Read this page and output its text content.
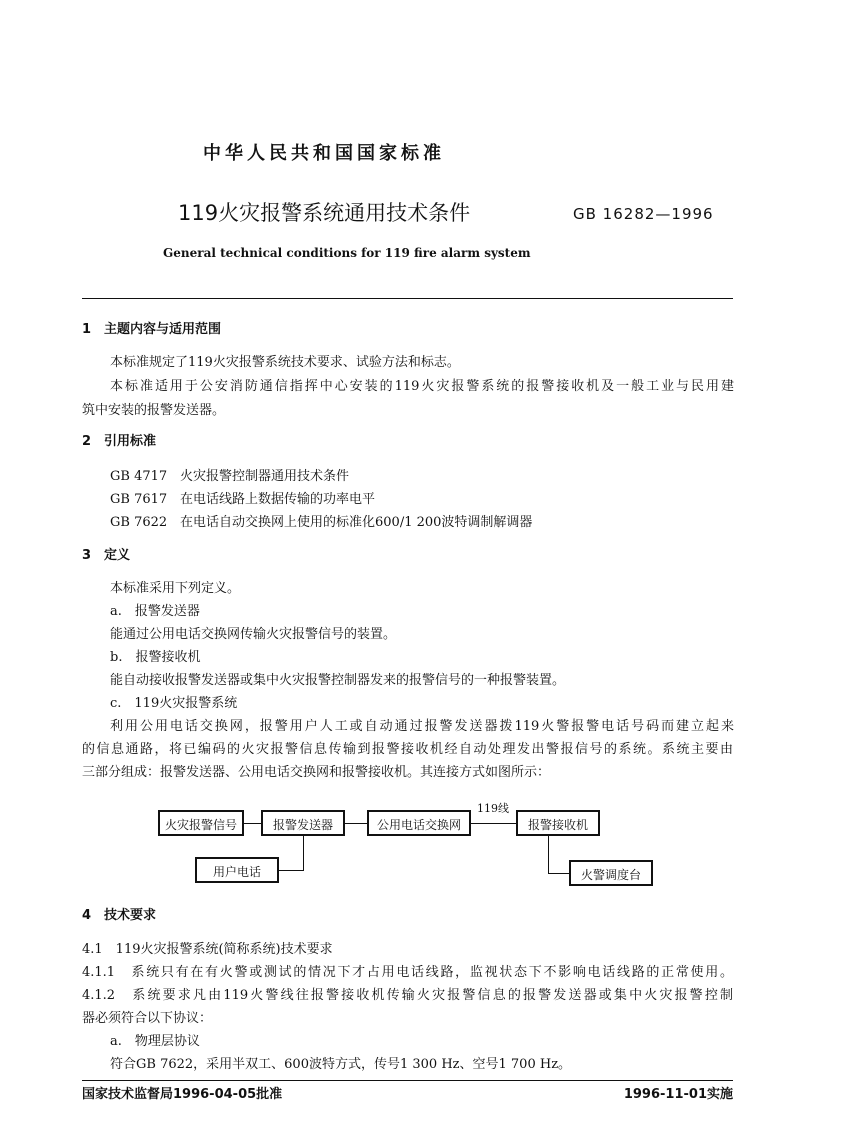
中华人民共和国国家标准
119火灾报警系统通用技术条件	GB 16282—1996
General technical conditions for 119 fire alarm system
1　主题内容与适用范围
本标准规定了119火灾报警系统技术要求、试验方法和标志。
本标准适用于公安消防通信指挥中心安装的119火灾报警系统的报警接收机及一般工业与民用建
筑中安装的报警发送器。
2　引用标准
GB 4717 火灾报警控制器通用技术条件
GB 7617 在电话线路上数据传输的功率电平
GB 7622 在电话自动交换网上使用的标准化600/1 200波特调制解调器
3　定义
本标准采用下列定义。
a.　报警发送器
能通过公用电话交换网传输火灾报警信号的装置。
b.　报警接收机
能自动接收报警发送器或集中火灾报警控制器发来的报警信号的一种报警装置。
c.　119火灾报警系统
利用公用电话交换网，报警用户人工或自动通过报警发送器拨119火警报警电话号码而建立起来
的信息通路，将已编码的火灾报警信息传输到报警接收机经自动处理发出警报信号的系统。系统主要由
三部分组成：报警发送器、公用电话交换网和报警接收机。其连接方式如图所示：
火灾报警信号	报警发送器	公用电话交换网	报警接收机
用户电话	火警调度台
119线
4　技术要求
4.1　119火灾报警系统(简称系统)技术要求
4.1.1　系统只有在有火警或测试的情况下才占用电话线路，监视状态下不影响电话线路的正常使用。
4.1.2　系统要求凡由119火警线往报警接收机传输火灾报警信息的报警发送器或集中火灾报警控制
器必须符合以下协议：
a.　物理层协议
符合GB 7622，采用半双工、600波特方式，传号1 300 Hz、空号1 700 Hz。
国家技术监督局1996-04-05批准	1996-11-01实施
